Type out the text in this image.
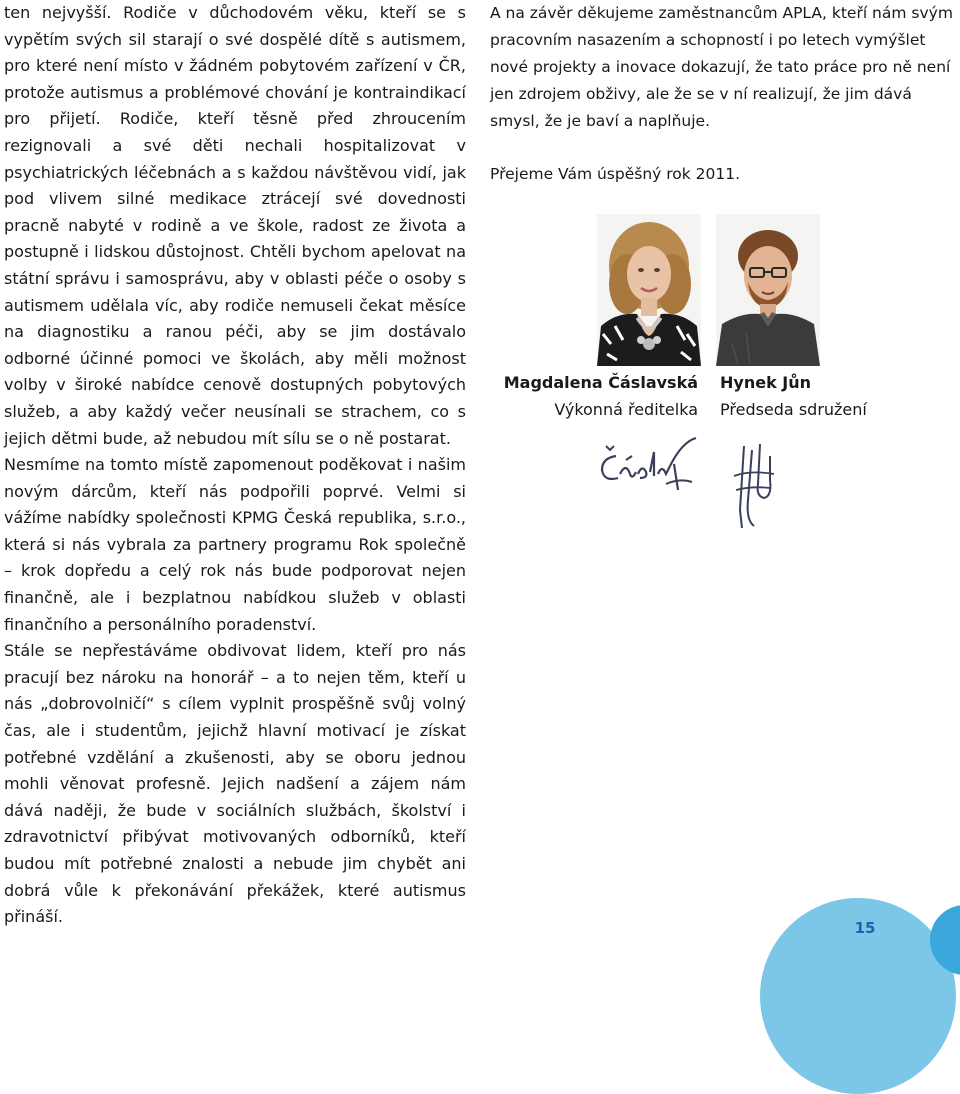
ten nejvyšší. Rodiče v důchodovém věku, kteří se s vypětím svých sil starají o své dospělé dítě s autismem, pro které není místo v žádném pobytovém zařízení v ČR, protože autismus a problémové chování je kontraindikací pro přijetí. Rodiče, kteří těsně před zhroucením rezignovali a své děti nechali hospitalizovat v psychiatrických léčebnách a s každou návštěvou vidí, jak pod vlivem silné medikace ztrácejí své dovednosti pracně nabyté v rodině a ve škole, radost ze života a postupně i lidskou důstojnost. Chtěli bychom apelovat na státní správu i samosprávu, aby v oblasti péče o osoby s autismem udělala víc, aby rodiče nemuseli čekat měsíce na diagnostiku a ranou péči, aby se jim dostávalo odborné účinné pomoci ve školách, aby měli možnost volby v široké nabídce cenově dostupných pobytových služeb, a aby každý večer neusínali se strachem, co s jejich dětmi bude, až nebudou mít sílu se o ně postarat.

Nesmíme na tomto místě zapomenout poděkovat i našim novým dárcům, kteří nás podpořili poprvé. Velmi si vážíme nabídky společnosti KPMG Česká republika, s.r.o., která si nás vybrala za partnery programu Rok společně – krok dopředu a celý rok nás bude podporovat nejen finančně, ale i bezplatnou nabídkou služeb v oblasti finančního a personálního poradenství.

Stále se nepřestáváme obdivovat lidem, kteří pro nás pracují bez nároku na honorář – a to nejen těm, kteří u nás „dobrovolničí“ s cílem vyplnit prospěšně svůj volný čas, ale i studentům, jejichž hlavní motivací je získat potřebné vzdělání a zkušenosti, aby se oboru jednou mohli věnovat profesně. Jejich nadšení a zájem nám dává naději, že bude v sociálních službách, školství i zdravotnictví přibývat motivovaných odborníků, kteří budou mít potřebné znalosti a nebude jim chybět ani dobrá vůle k překonávání překážek, které autismus přináší.

A na závěr děkujeme zaměstnancům APLA, kteří nám svým pracovním nasazením a schopností i po letech vymýšlet nové projekty a inovace dokazují, že tato práce pro ně není jen zdrojem obživy, ale že se v ní realizují, že jim dává smysl, že je baví a naplňuje.

Přejeme Vám úspěšný rok 2011.

Magdalena Čáslavská
Výkonná ředitelka
Hynek Jůn
Předseda sdružení
15
